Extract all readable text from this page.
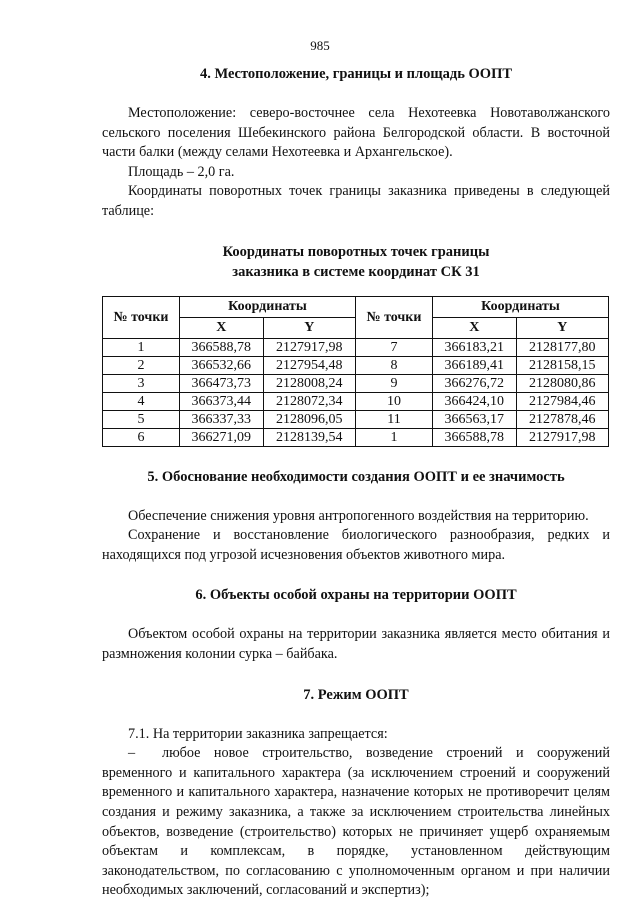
985
4. Местоположение, границы и площадь ООПТ

Местоположение: северо-восточнее села Нехотеевка Новотаволжанского сельского поселения Шебекинского района Белгородской области. В восточной части балки (между селами Нехотеевка и Архангельское).

Площадь – 2,0 га.

Координаты поворотных точек границы заказника приведены в следующей таблице:

Координаты поворотных точек границы
заказника в системе координат СК 31
№ точки	Координаты		№ точки	Координаты	
	X	Y		X	Y
1	366588,78	2127917,98	7	366183,21	2128177,80
2	366532,66	2127954,48	8	366189,41	2128158,15
3	366473,73	2128008,24	9	366276,72	2128080,86
4	366373,44	2128072,34	10	366424,10	2127984,46
5	366337,33	2128096,05	11	366563,17	2127878,46
6	366271,09	2128139,54	1	366588,78	2127917,98
5. Обоснование необходимости создания ООПТ и ее значимость

Обеспечение снижения уровня антропогенного воздействия на территорию.

Сохранение и восстановление биологического разнообразия, редких и находящихся под угрозой исчезновения объектов животного мира.

6. Объекты особой охраны на территории ООПТ

Объектом особой охраны на территории заказника является место обитания и размножения колонии сурка – байбака.

7. Режим ООПТ

7.1. На территории заказника запрещается:

– любое новое строительство, возведение строений и сооружений временного и капитального характера (за исключением строений и сооружений временного и капитального характера, назначение которых не противоречит целям создания и режиму заказника, а также за исключением строительства линейных объектов, возведение (строительство) которых не причиняет ущерб охраняемым объектам и комплексам, в порядке, установленном действующим законодательством, по согласованию с уполномоченным органом и при наличии необходимых заключений, согласований и экспертиз);
